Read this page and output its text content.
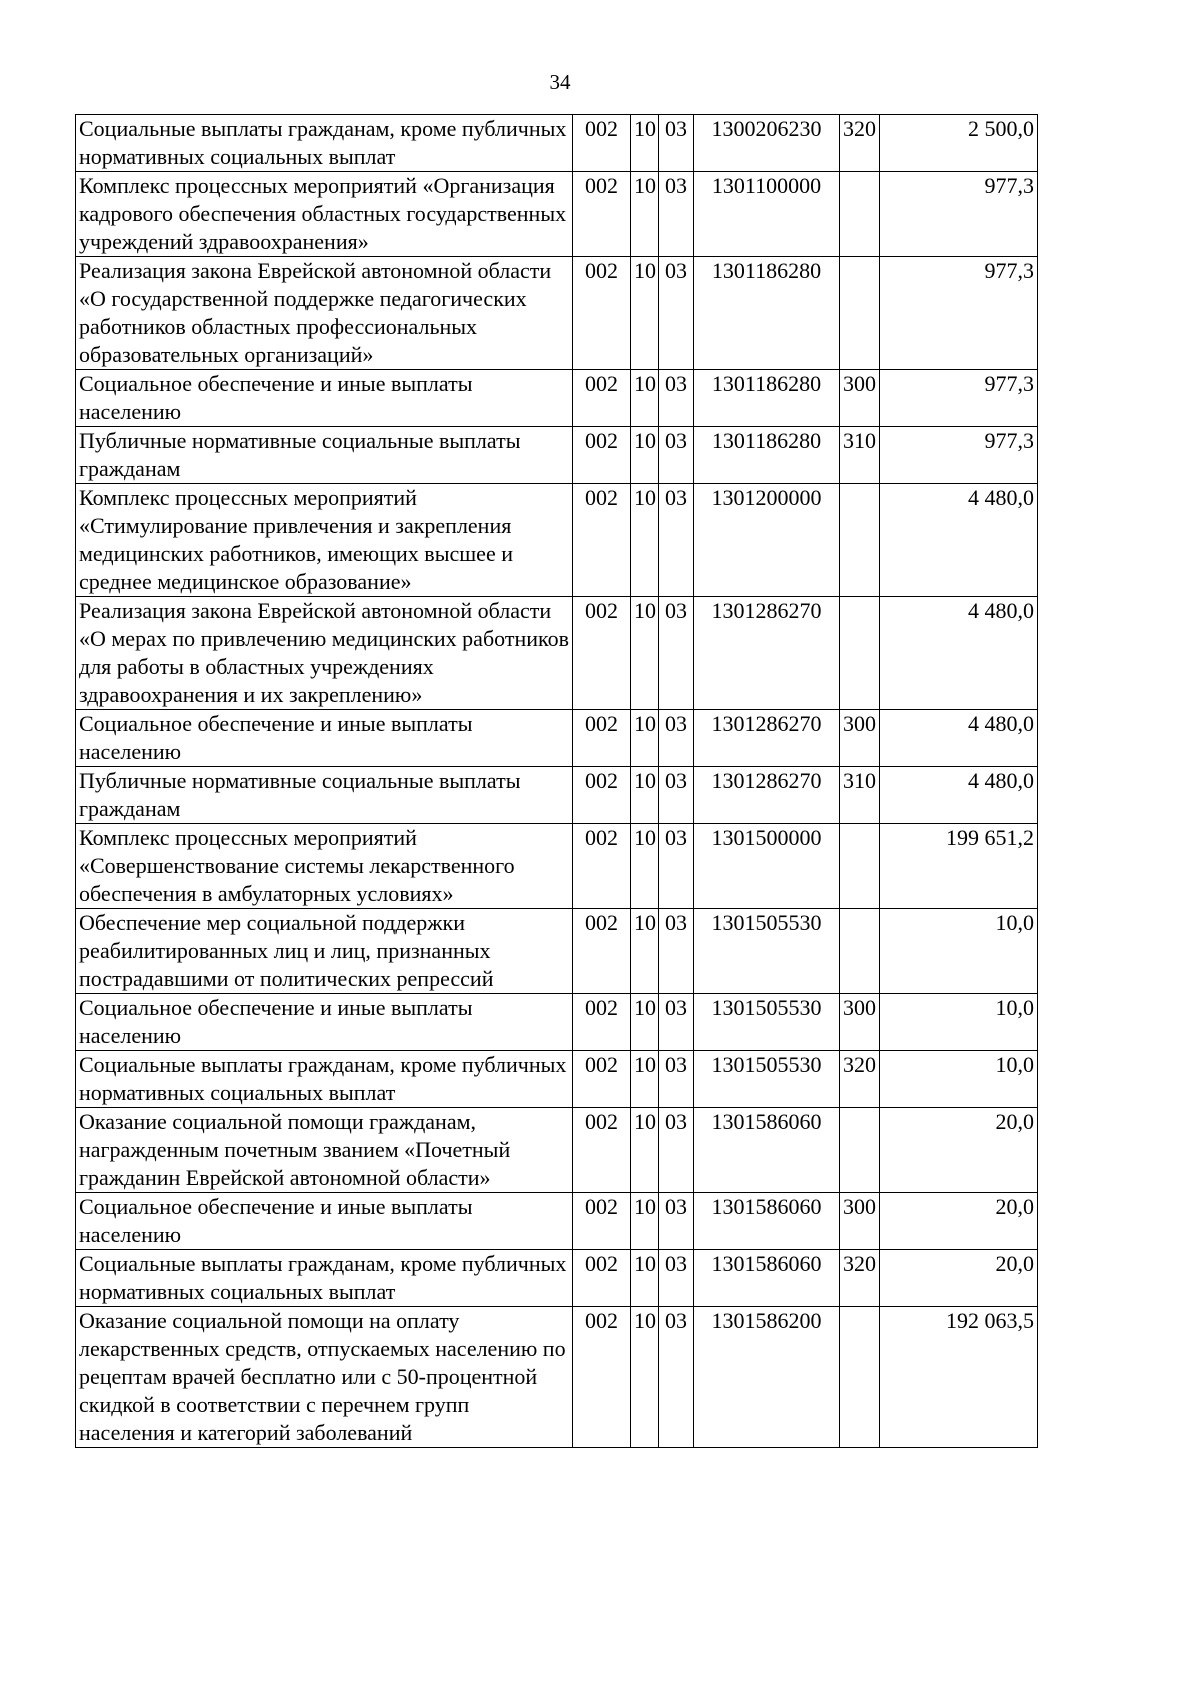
34
Социальные выплаты гражданам, кроме публичных нормативных социальных выплат	002	10	03	1300206230	320	2 500,0
Комплекс процессных мероприятий «Организация кадрового обеспечения областных государственных учреждений здравоохранения»	002	10	03	1301100000		977,3
Реализация закона Еврейской автономной области «О государственной поддержке педагогических работников областных профессиональных образовательных организаций»	002	10	03	1301186280		977,3
Социальное обеспечение и иные выплаты населению	002	10	03	1301186280	300	977,3
Публичные нормативные социальные выплаты гражданам	002	10	03	1301186280	310	977,3
Комплекс процессных мероприятий «Стимулирование привлечения и закрепления медицинских работников, имеющих высшее и среднее медицинское образование»	002	10	03	1301200000		4 480,0
Реализация закона Еврейской автономной области «О мерах по привлечению медицинских работников для работы в областных учреждениях здравоохранения и их закреплению»	002	10	03	1301286270		4 480,0
Социальное обеспечение и иные выплаты населению	002	10	03	1301286270	300	4 480,0
Публичные нормативные социальные выплаты гражданам	002	10	03	1301286270	310	4 480,0
Комплекс процессных мероприятий «Совершенствование системы лекарственного обеспечения в амбулаторных условиях»	002	10	03	1301500000		199 651,2
Обеспечение мер социальной поддержки реабилитированных лиц и лиц, признанных пострадавшими от политических репрессий	002	10	03	1301505530		10,0
Социальное обеспечение и иные выплаты населению	002	10	03	1301505530	300	10,0
Социальные выплаты гражданам, кроме публичных нормативных социальных выплат	002	10	03	1301505530	320	10,0
Оказание социальной помощи гражданам, награжденным почетным званием «Почетный гражданин Еврейской автономной области»	002	10	03	1301586060		20,0
Социальное обеспечение и иные выплаты населению	002	10	03	1301586060	300	20,0
Социальные выплаты гражданам, кроме публичных нормативных социальных выплат	002	10	03	1301586060	320	20,0
Оказание социальной помощи на оплату лекарственных средств, отпускаемых населению по рецептам врачей бесплатно или с 50-процентной скидкой в соответствии с перечнем групп населения и категорий заболеваний	002	10	03	1301586200		192 063,5
